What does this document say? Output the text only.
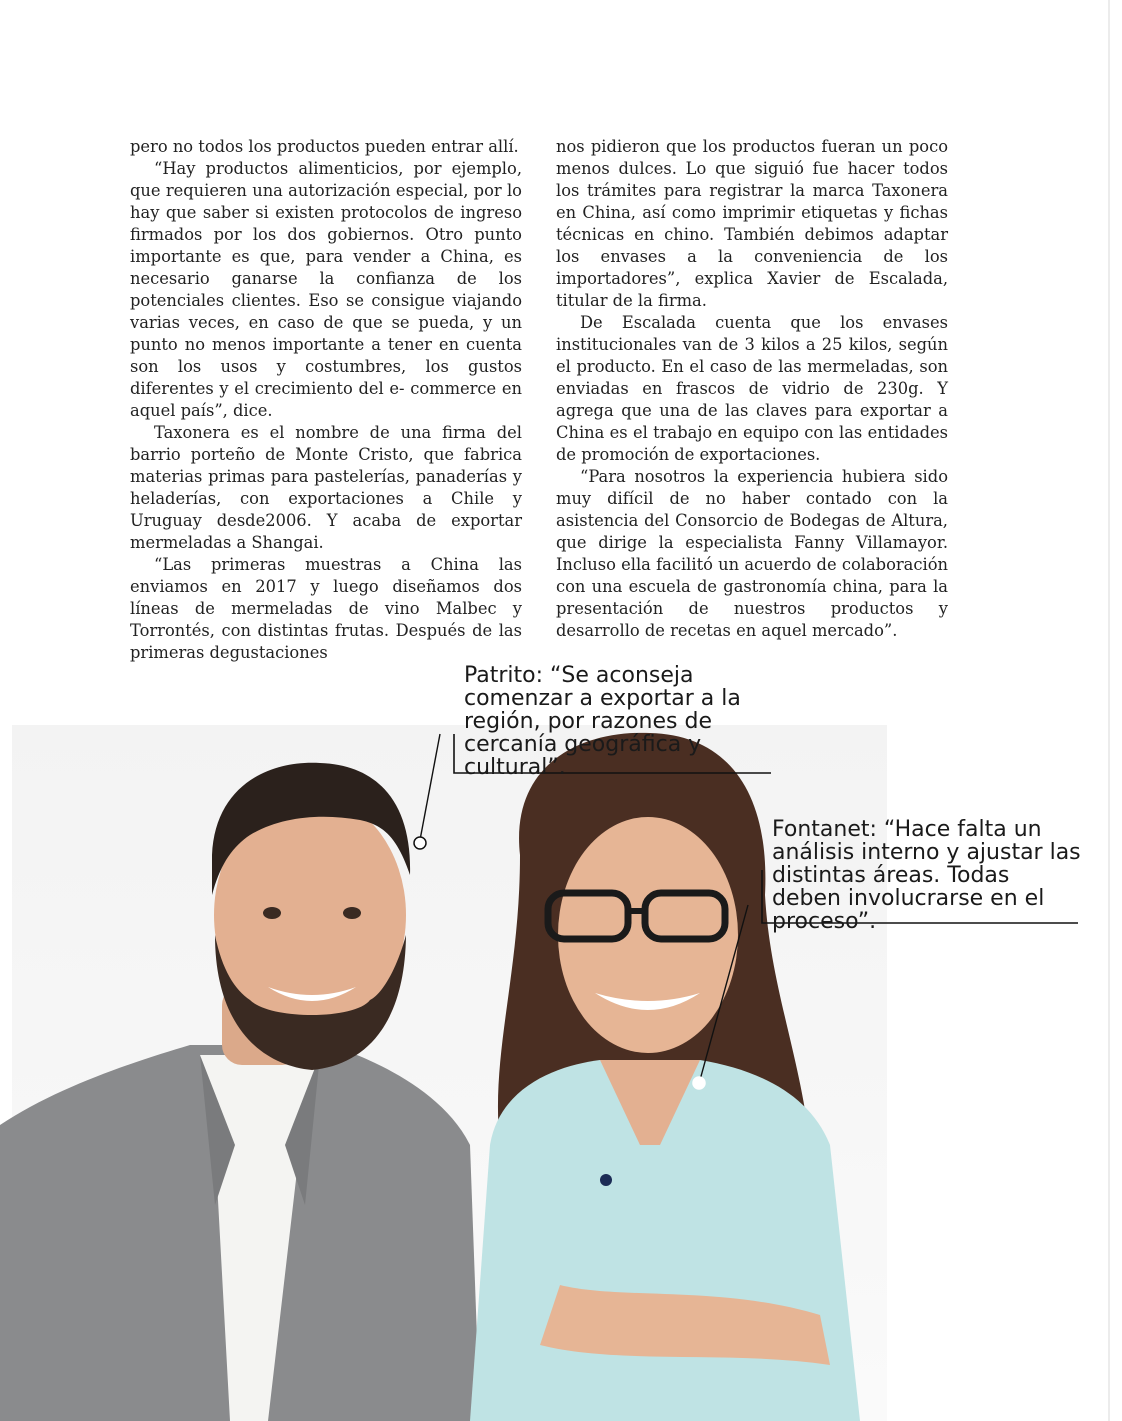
pero no todos los productos pueden entrar allí.

“Hay productos alimenticios, por ejemplo, que requieren una autorización especial, por lo hay que saber si existen protocolos de ingreso firmados por los dos gobiernos. Otro punto importante es que, para vender a China, es necesario ganarse la confianza de los potenciales clientes. Eso se consigue viajando varias veces, en caso de que se pueda, y un punto no menos importante a tener en cuenta son los usos y costumbres, los gustos diferentes y el crecimiento del e- commerce en aquel país”, dice.

Taxonera es el nombre de una firma del barrio porteño de Monte Cristo, que fabrica materias primas para pastelerías, panaderías y heladerías, con exportaciones a Chile y Uruguay desde2006. Y acaba de exportar mermeladas a Shangai.

“Las primeras muestras a China las enviamos en 2017 y luego diseñamos dos líneas de mermeladas de vino Malbec y Torrontés, con distintas frutas. Después de las primeras degustaciones

nos pidieron que los productos fueran un poco menos dulces. Lo que siguió fue hacer todos los trámites para registrar la marca Taxonera en China, así como imprimir etiquetas y fichas técnicas en chino. También debimos adaptar los envases a la conveniencia de los importadores”, explica Xavier de Escalada, titular de la firma.

De Escalada cuenta que los envases institucionales van de 3 kilos a 25 kilos, según el producto. En el caso de las mermeladas, son enviadas en frascos de vidrio de 230g. Y agrega que una de las claves para exportar a China es el trabajo en equipo con las entidades de promoción de exportaciones.

“Para nosotros la experiencia hubiera sido muy difícil de no haber contado con la asistencia del Consorcio de Bodegas de Altura, que dirige la especialista Fanny Villamayor. Incluso ella facilitó un acuerdo de colaboración con una escuela de gastronomía china, para la presentación de nuestros productos y desarrollo de recetas en aquel mercado”.

Patrito: “Se aconseja comenzar a exportar a la región, por razones de cercanía geográfica y cultural”.
Fontanet: “Hace falta un análisis interno y ajustar las distintas áreas. Todas deben involucrarse en el proceso”.
